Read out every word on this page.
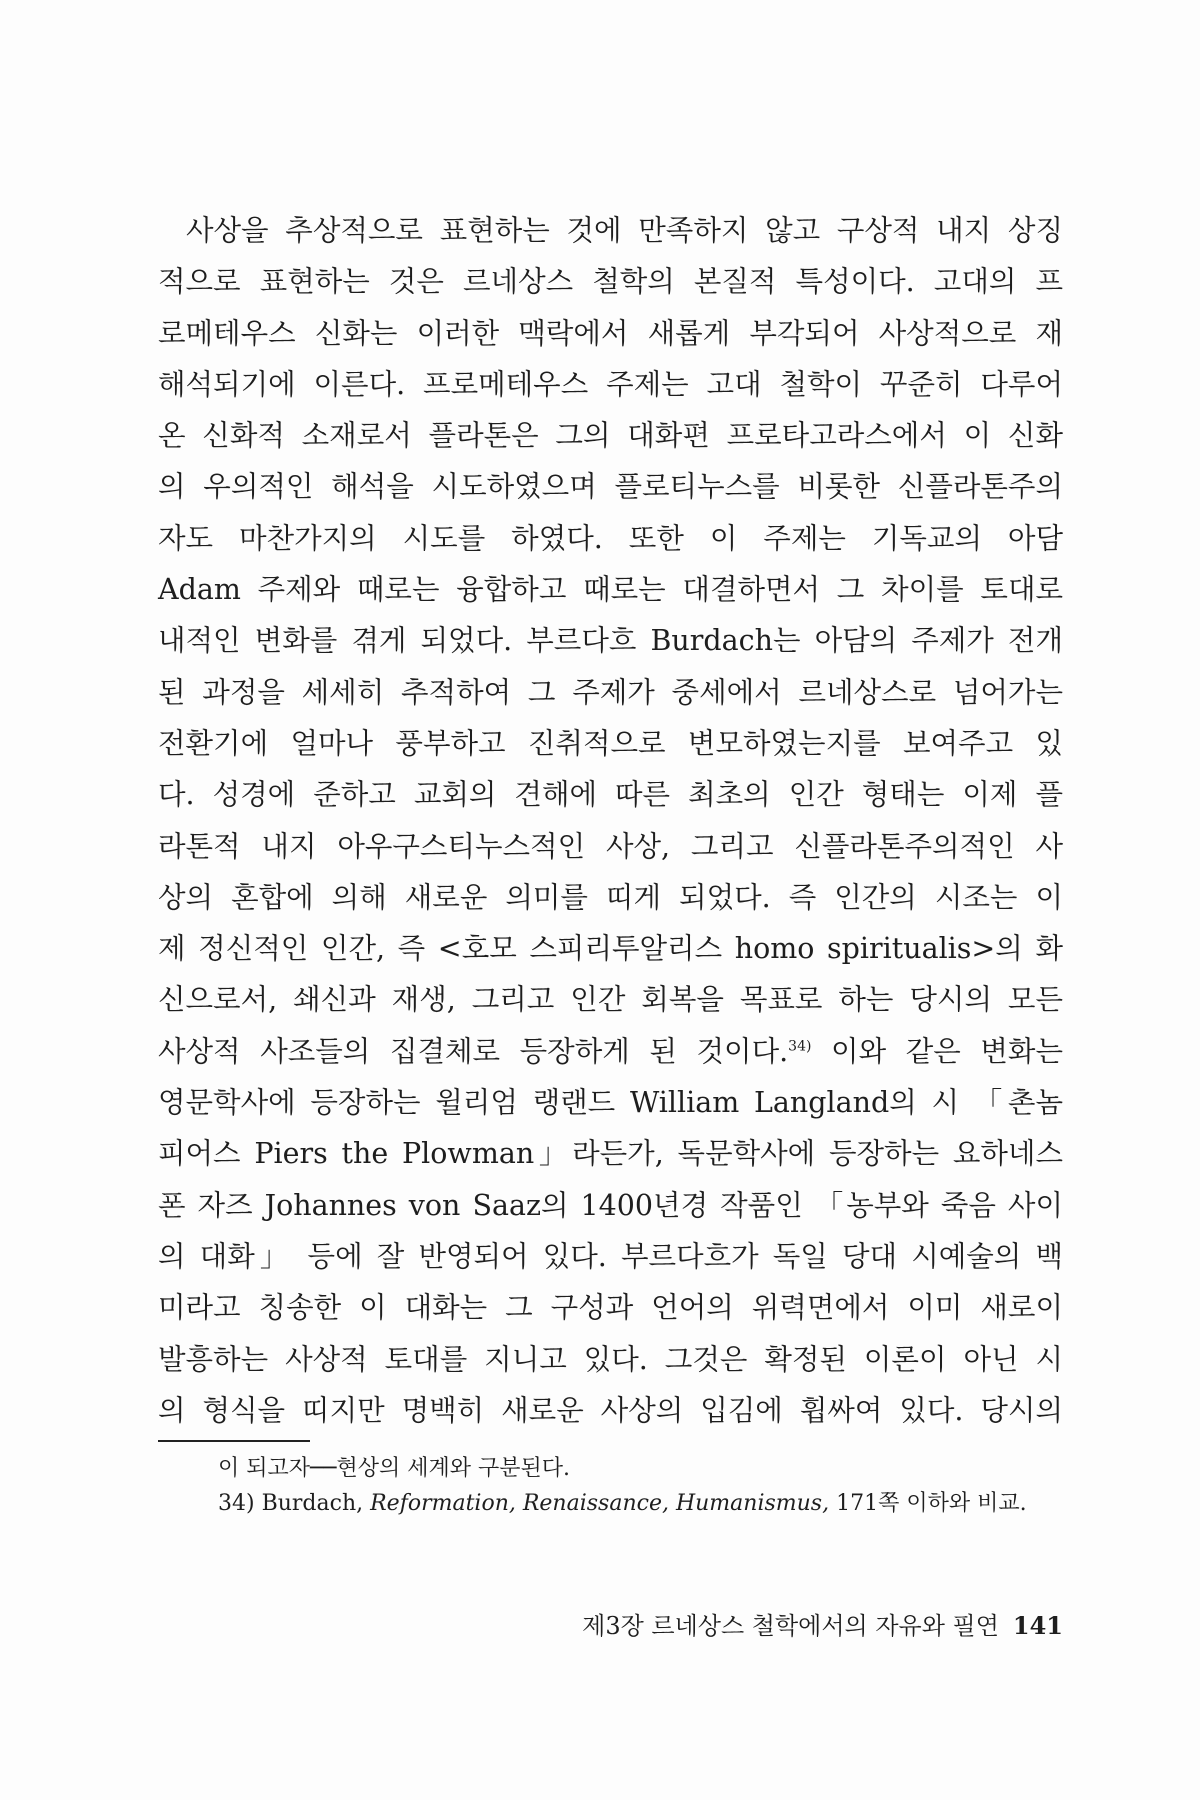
사상을 추상적으로 표현하는 것에 만족하지 않고 구상적 내지 상징
적으로 표현하는 것은 르네상스 철학의 본질적 특성이다. 고대의 프
로메테우스 신화는 이러한 맥락에서 새롭게 부각되어 사상적으로 재
해석되기에 이른다. 프로메테우스 주제는 고대 철학이 꾸준히 다루어
온 신화적 소재로서 플라톤은 그의 대화편 프로타고라스에서 이 신화
의 우의적인 해석을 시도하였으며 플로티누스를 비롯한 신플라톤주의
자도 마찬가지의 시도를 하였다. 또한 이 주제는 기독교의 아담
Adam 주제와 때로는 융합하고 때로는 대결하면서 그 차이를 토대로
내적인 변화를 겪게 되었다. 부르다흐 Burdach는 아담의 주제가 전개
된 과정을 세세히 추적하여 그 주제가 중세에서 르네상스로 넘어가는
전환기에 얼마나 풍부하고 진취적으로 변모하였는지를 보여주고 있
다. 성경에 준하고 교회의 견해에 따른 최초의 인간 형태는 이제 플
라톤적 내지 아우구스티누스적인 사상, 그리고 신플라톤주의적인 사
상의 혼합에 의해 새로운 의미를 띠게 되었다. 즉 인간의 시조는 이
제 정신적인 인간, 즉 <호모 스피리투알리스 homo spiritualis>의 화
신으로서, 쇄신과 재생, 그리고 인간 회복을 목표로 하는 당시의 모든
사상적 사조들의 집결체로 등장하게 된 것이다.$^{34)}$ 이와 같은 변화는
영문학사에 등장하는 윌리엄 랭랜드 William Langland의 시 「촌놈
피어스 Piers the Plowman」라든가, 독문학사에 등장하는 요하네스
폰 자즈 Johannes von Saaz의 1400년경 작품인 「농부와 죽음 사이
의 대화」 등에 잘 반영되어 있다. 부르다흐가 독일 당대 시예술의 백
미라고 칭송한 이 대화는 그 구성과 언어의 위력면에서 이미 새로이
발흥하는 사상적 토대를 지니고 있다. 그것은 확정된 이론이 아닌 시
의 형식을 띠지만 명백히 새로운 사상의 입김에 휩싸여 있다. 당시의
이 되고자──현상의 세계와 구분된다.
34) Burdach, Reformation, Renaissance, Humanismus, 171쪽 이하와 비교.
제3장 르네상스 철학에서의 자유와 필연 141
